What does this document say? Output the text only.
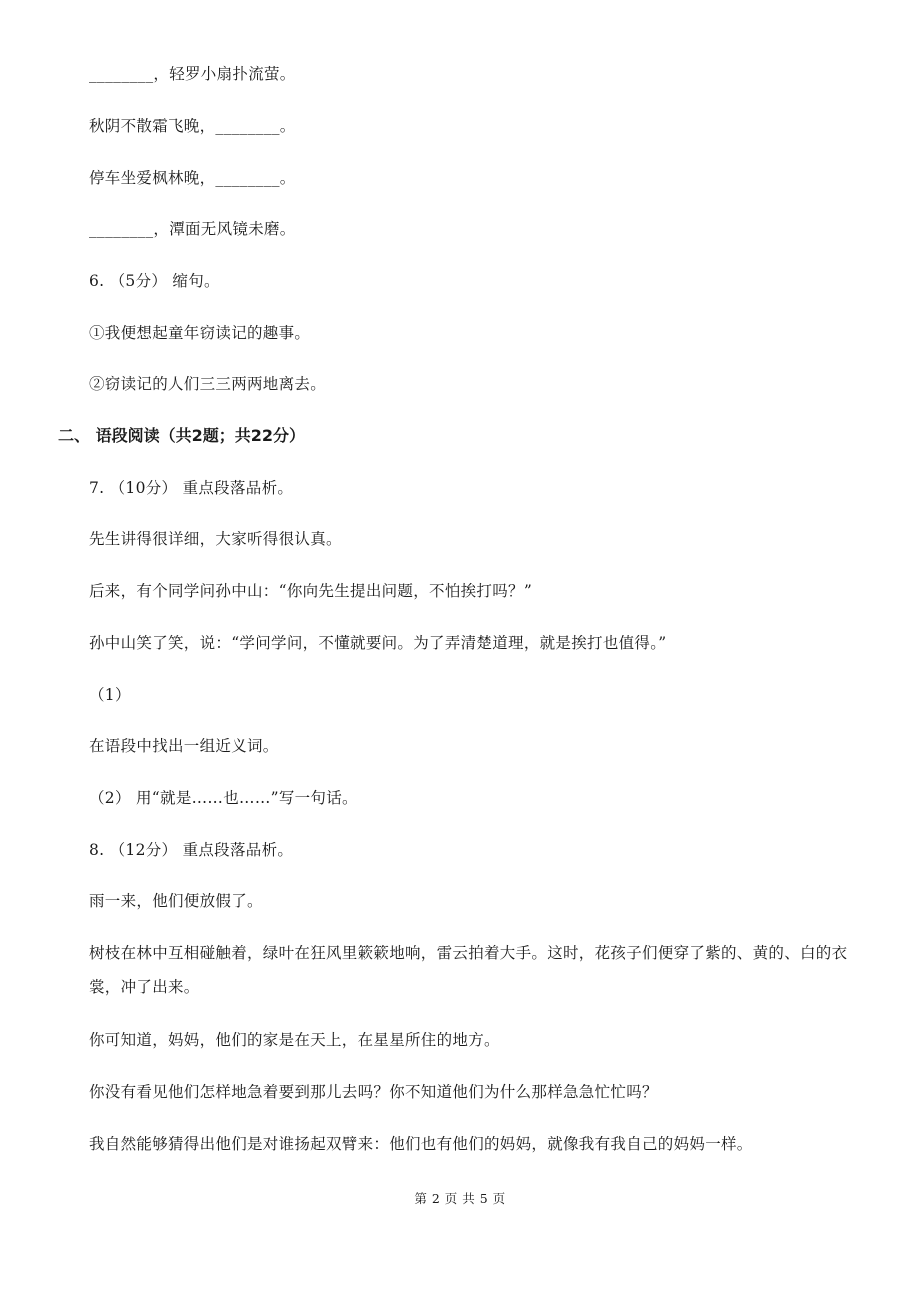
________，轻罗小扇扑流萤。
秋阴不散霜飞晚，________。
停车坐爱枫林晚，________。
________，潭面无风镜未磨。
6. （5分） 缩句。
①我便想起童年窃读记的趣事。
②窃读记的人们三三两两地离去。
二、 语段阅读（共2题；共22分）
7. （10分） 重点段落品析。
先生讲得很详细，大家听得很认真。
后来，有个同学问孙中山：“你向先生提出问题，不怕挨打吗？”
孙中山笑了笑，说：“学问学问，不懂就要问。为了弄清楚道理，就是挨打也值得。”
（1）
在语段中找出一组近义词。
（2） 用“就是……也……”写一句话。
8. （12分） 重点段落品析。
雨一来，他们便放假了。
树枝在林中互相碰触着，绿叶在狂风里簌簌地响，雷云拍着大手。这时，花孩子们便穿了紫的、黄的、白的衣裳，冲了出来。
你可知道，妈妈，他们的家是在天上，在星星所住的地方。
你没有看见他们怎样地急着要到那儿去吗？你不知道他们为什么那样急急忙忙吗？
我自然能够猜得出他们是对谁扬起双臂来：他们也有他们的妈妈，就像我有我自己的妈妈一样。
第 2 页 共 5 页
